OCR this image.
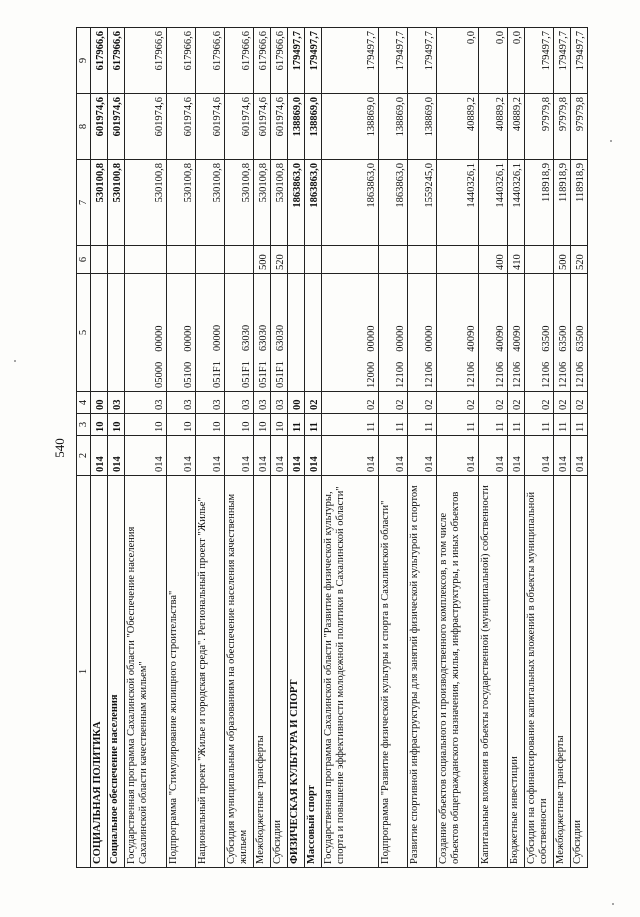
540
1	2	3	4	5	6	7	8	9
СОЦИАЛЬНАЯ ПОЛИТИКА	014	10	00			530100,8	601974,6	617966,6
Социальное обеспечение населения	014	10	03			530100,8	601974,6	617966,6
Государственная программа Сахалинской области "Обеспечение населения Сахалинской области качественным жильем"	014	10	03	0500000000		530100,8	601974,6	617966,6
Подпрограмма "Стимулирование жилищного строительства"	014	10	03	0510000000		530100,8	601974,6	617966,6
Национальный проект "Жилье и городская среда". Региональный проект "Жилье"	014	10	03	051F100000		530100,8	601974,6	617966,6
Субсидия муниципальным образованиям на обеспечение населения качественным жильем	014	10	03	051F163030		530100,8	601974,6	617966,6
Межбюджетные трансферты	014	10	03	051F163030	500	530100,8	601974,6	617966,6
Субсидии	014	10	03	051F163030	520	530100,8	601974,6	617966,6
ФИЗИЧЕСКАЯ КУЛЬТУРА И СПОРТ	014	11	00			1863863,0	138869,0	179497,7
Массовый спорт	014	11	02			1863863,0	138869,0	179497,7
Государственная программа Сахалинской области "Развитие физической культуры, спорта и повышение эффективности молодежной политики в Сахалинской области"	014	11	02	1200000000		1863863,0	138869,0	179497,7
Подпрограмма "Развитие физической культуры и спорта в Сахалинской области"	014	11	02	1210000000		1863863,0	138869,0	179497,7
Развитие спортивной инфраструктуры для занятий физической культурой и спортом	014	11	02	1210600000		1559245,0	138869,0	179497,7
Создание объектов социального и производственного комплексов, в том числе объектов общегражданского назначения, жилья, инфраструктуры, и иных объектов	014	11	02	1210640090		1440326,1	40889,2	0,0
Капитальные вложения в объекты государственной (муниципальной) собственности	014	11	02	1210640090	400	1440326,1	40889,2	0,0
Бюджетные инвестиции	014	11	02	1210640090	410	1440326,1	40889,2	0,0
Субсидии на софинансирование капитальных вложений в объекты муниципальной собственности	014	11	02	1210663500		118918,9	97979,8	179497,7
Межбюджетные трансферты	014	11	02	1210663500	500	118918,9	97979,8	179497,7
Субсидии	014	11	02	1210663500	520	118918,9	97979,8	179497,7
